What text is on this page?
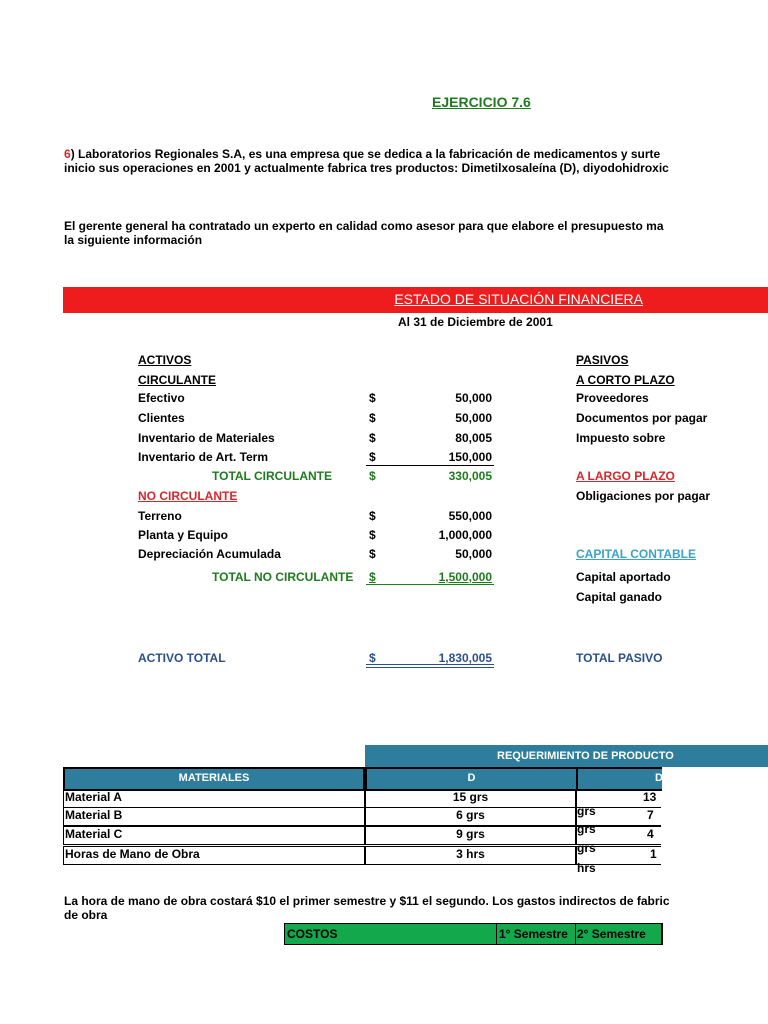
EJERCICIO 7.6
6) Laboratorios Regionales S.A, es una empresa que se dedica a la fabricación de medicamentos y surte
inicio sus operaciones en 2001 y actualmente fabrica tres productos: Dimetilxosaleína (D), diyodohidroxic
El gerente general ha contratado un experto en calidad como asesor para que elabore el presupuesto ma
la siguiente información
ESTADO DE SITUACIÓN FINANCIERA
Al 31 de Diciembre de 2001
ACTIVOS
CIRCULANTE
Efectivo	$	50,000
Clientes	$	50,000
Inventario de Materiales	$	80,005
Inventario de Art. Term	$	150,000
TOTAL CIRCULANTE	$	330,005
NO CIRCULANTE
Terreno	$	550,000
Planta y Equipo	$	1,000,000
Depreciación Acumulada	$	50,000
TOTAL NO CIRCULANTE $	1,500,000
ACTIVO TOTAL	$	1,830,005
PASIVOS
A CORTO PLAZO
Proveedores
Documentos por pagar
Impuesto sobre
A LARGO PLAZO
Obligaciones por pagar
CAPITAL CONTABLE
Capital aportado
Capital ganado
TOTAL PASIVO
REQUERIMIENTO DE PRODUCTO
MATERIALES	D	D
Material A	15 grs	13 grs
Material B	6 grs	7 grs
Material C	9 grs	4 grs
Horas de Mano de Obra	3 hrs	1 hrs
La hora de mano de obra costará $10 el primer semestre y $11 el segundo. Los gastos indirectos de fabric
de obra
COSTOS	1° Semestre 2° Semestre
